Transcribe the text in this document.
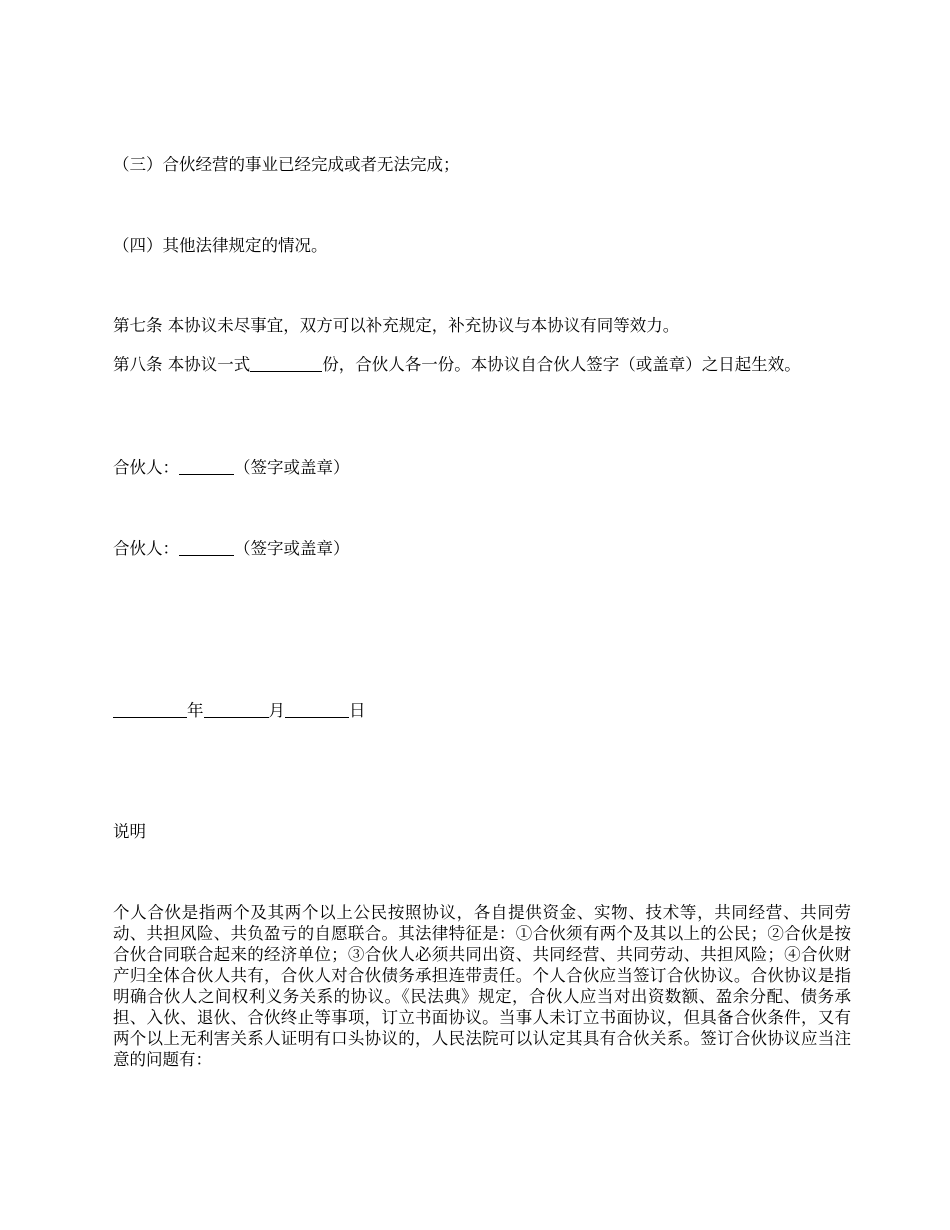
（三）合伙经营的事业已经完成或者无法完成；
（四）其他法律规定的情况。
第七条 本协议未尽事宜，双方可以补充规定，补充协议与本协议有同等效力。
第八条 本协议一式	份，合伙人各一份。本协议自合伙人签字（或盖章）之日起生效。
合伙人：	（签字或盖章）
合伙人：	（签字或盖章）
年	月	日
说明
个人合伙是指两个及其两个以上公民按照协议，各自提供资金、实物、技术等，共同经营、共同劳动、共担风险、共负盈亏的自愿联合。其法律特征是：①合伙须有两个及其以上的公民；②合伙是按合伙合同联合起来的经济单位；③合伙人必须共同出资、共同经营、共同劳动、共担风险；④合伙财产归全体合伙人共有，合伙人对合伙债务承担连带责任。个人合伙应当签订合伙协议。合伙协议是指明确合伙人之间权利义务关系的协议。《民法典》规定，合伙人应当对出资数额、盈余分配、债务承担、入伙、退伙、合伙终止等事项，订立书面协议。当事人未订立书面协议，但具备合伙条件，又有两个以上无利害关系人证明有口头协议的，人民法院可以认定其具有合伙关系。签订合伙协议应当注意的问题有：
